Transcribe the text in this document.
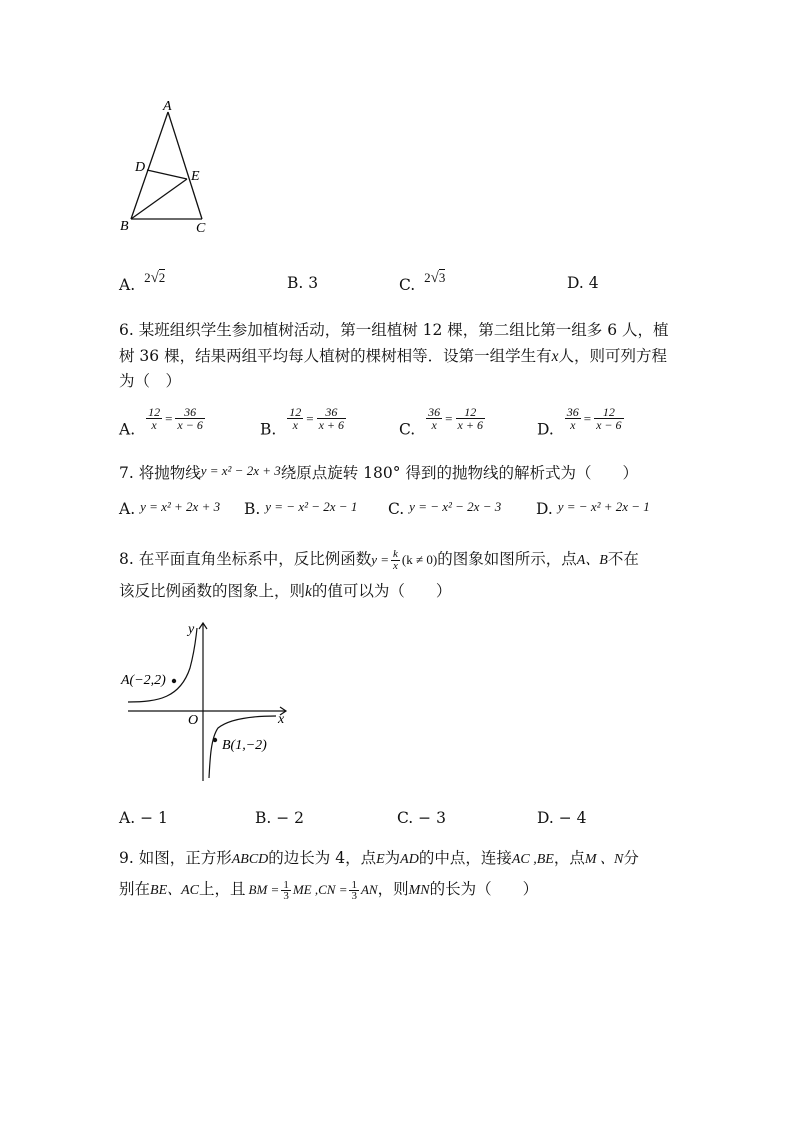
A
D
E
B	C
A. $^{2√2}$	B. 3	C. $^{2√3}$	D. 4
6. 某班组织学生参加植树活动，第一组植树 12 棵，第二组比第一组多 6 人，植
树 36 棵，结果两组平均每人植树的棵树相等．设第一组学生有x人，则可列方程
为（　）
A. $\frac{12}{x} = \frac{36}{x - 6}$	B. $\frac{12}{x} = \frac{36}{x + 6}$	C. $\frac{36}{x} = \frac{12}{x + 6}$	D. $\frac{36}{x} = \frac{12}{x - 6}$
7. 将抛物线y = x² − 2x + 3绕原点旋转 180° 得到的抛物线的解析式为（　　）
A. y = x² + 2x + 3 B. y = − x² − 2x − 1 C. y = − x² − 2x − 3 D. y = − x² + 2x − 1
8. 在平面直角坐标系中，反比例函数$y = \frac{k}{x} (k \ne 0)$的图象如图所示，点A、B不在
该反比例函数的图象上，则k的值可以为（　　）
y
x
O
A(−2,2)
B(1,−2)
A. − 1	B. − 2	C. − 3	D. − 4
9. 如图，正方形ABCD的边长为 4，点E为AD的中点，连接AC ,BE，点M 、N分
别在BE、AC上，且 BM = $\frac{1}{3}$ ME $,CN = \frac{1}{3}$ AN，则MN的长为（　　）
